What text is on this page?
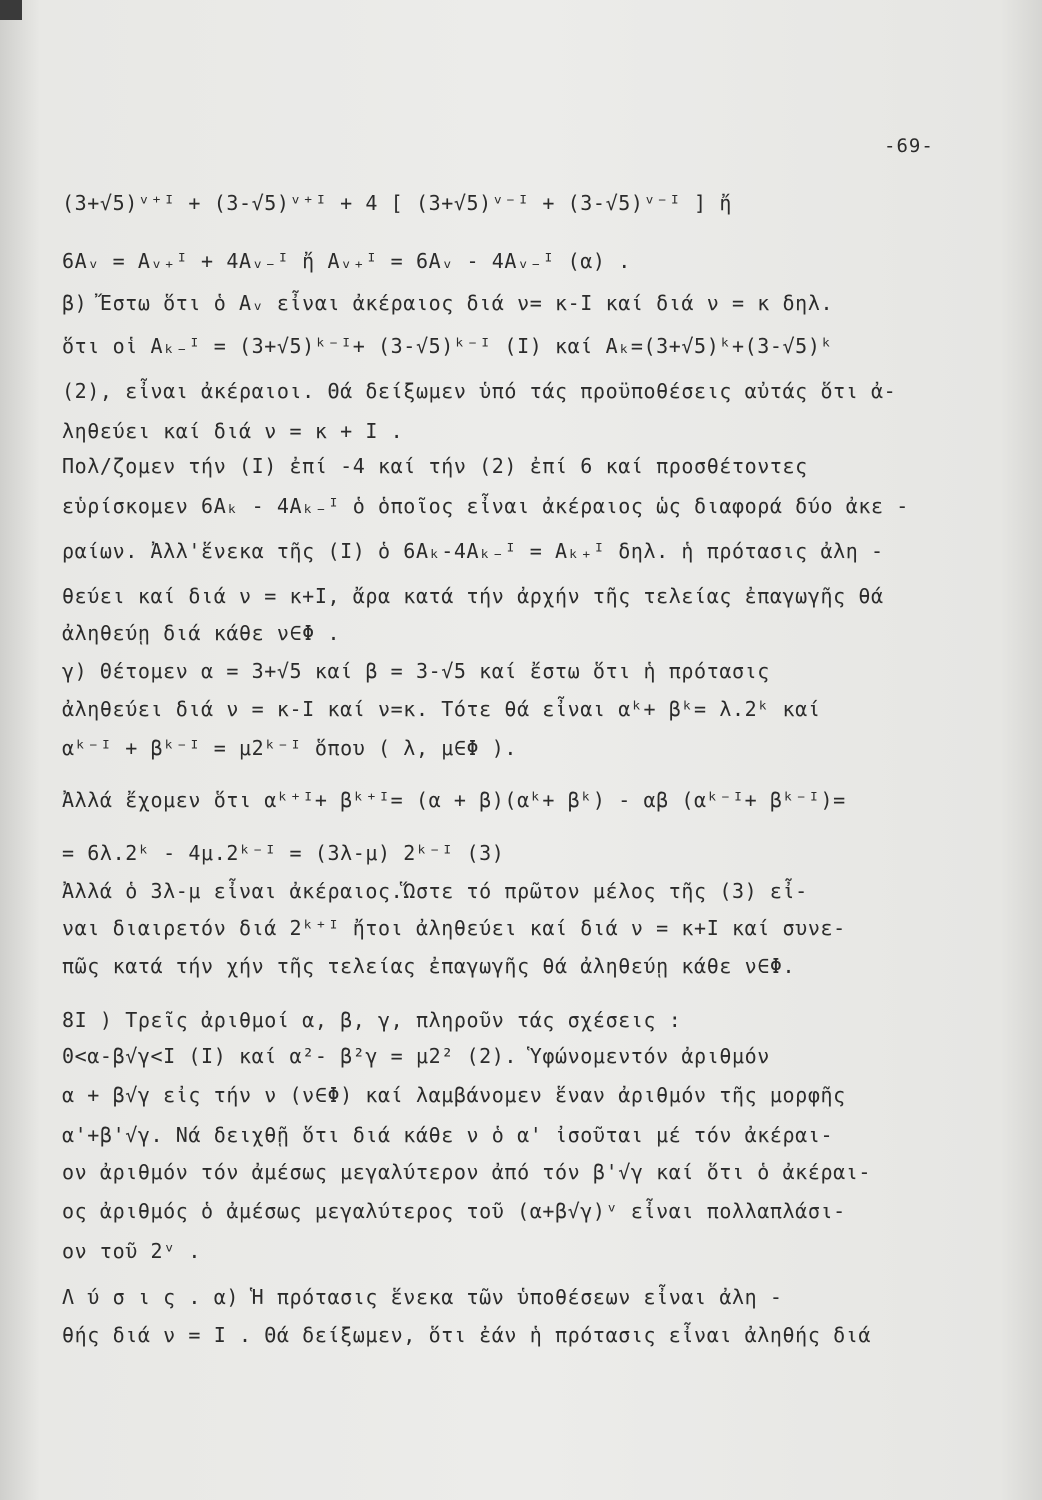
-69-
(3+√5)ᵛ⁺ᴵ + (3-√5)ᵛ⁺ᴵ + 4 [ (3+√5)ᵛ⁻ᴵ + (3-√5)ᵛ⁻ᴵ ] ἤ
6Aᵥ = Aᵥ₊ᴵ + 4Aᵥ₋ᴵ ἤ Aᵥ₊ᴵ = 6Aᵥ - 4Aᵥ₋ᴵ (α) .
β) Ἔστω ὅτι ὁ Aᵥ εἶναι ἀκέραιος διά ν= κ-Ι καί διά ν = κ δηλ.
ὅτι οἱ Aₖ₋ᴵ = (3+√5)ᵏ⁻ᴵ+ (3-√5)ᵏ⁻ᴵ (Ι) καί Aₖ=(3+√5)ᵏ+(3-√5)ᵏ
(2), εἶναι ἀκέραιοι. Θά δείξωμεν ὑπό τάς προϋποθέσεις αὐτάς ὅτι ἀ-
ληθεύει καί διά ν = κ + Ι .
Πολ/ζομεν τήν (Ι) ἐπί -4 καί τήν (2) ἐπί 6 καί προσθέτοντες
εὑρίσκομεν 6Aₖ - 4Aₖ₋ᴵ ὁ ὁποῖος εἶναι ἀκέραιος ὡς διαφορά δύο ἀκε -
ραίων. Ἀλλ'ἕνεκα τῆς (Ι) ὁ 6Aₖ-4Aₖ₋ᴵ = Aₖ₊ᴵ δηλ. ἡ πρότασις ἀλη -
θεύει καί διά ν = κ+Ι, ἄρα κατά τήν ἀρχήν τῆς τελείας ἐπαγωγῆς θά
ἀληθεύῃ διά κάθε ν∈Φ .
γ) Θέτομεν α = 3+√5 καί β = 3-√5 καί ἔστω ὅτι ἡ πρότασις
ἀληθεύει διά ν = κ-Ι καί ν=κ. Τότε θά εἶναι αᵏ+ βᵏ= λ.2ᵏ καί
αᵏ⁻ᴵ + βᵏ⁻ᴵ = μ2ᵏ⁻ᴵ ὅπου ( λ, μ∈Φ ).
Ἀλλά ἔχομεν ὅτι αᵏ⁺ᴵ+ βᵏ⁺ᴵ= (α + β)(αᵏ+ βᵏ) - αβ (αᵏ⁻ᴵ+ βᵏ⁻ᴵ)=
= 6λ.2ᵏ - 4μ.2ᵏ⁻ᴵ = (3λ-μ) 2ᵏ⁻ᴵ (3)
Ἀλλά ὁ 3λ-μ εἶναι ἀκέραιος.Ὥστε τό πρῶτον μέλος τῆς (3) εἶ-
ναι διαιρετόν διά 2ᵏ⁺ᴵ ἤτοι ἀληθεύει καί διά ν = κ+Ι καί συνε-
πῶς κατά τήν χήν τῆς τελείας ἐπαγωγῆς θά ἀληθεύῃ κάθε ν∈Φ.
8Ι ) Τρεῖς ἀριθμοί α, β, γ, πληροῦν τάς σχέσεις :
0<α-β√γ<Ι (Ι) καί α²- β²γ = μ2² (2). Ὑφώνομεντόν ἀριθμόν
α + β√γ εἰς τήν ν (ν∈Φ) καί λαμβάνομεν ἕναν ἀριθμόν τῆς μορφῆς
α'+β'√γ. Νά δειχθῇ ὅτι διά κάθε ν ὁ α' ἰσοῦται μέ τόν ἀκέραι-
ον ἀριθμόν τόν ἀμέσως μεγαλύτερον ἀπό τόν β'√γ καί ὅτι ὁ ἀκέραι-
ος ἀριθμός ὁ ἀμέσως μεγαλύτερος τοῦ (α+β√γ)ᵛ εἶναι πολλαπλάσι-
ον τοῦ 2ᵛ .
Λ ύ σ ι ς . α) Ἡ πρότασις ἕνεκα τῶν ὑποθέσεων εἶναι ἀλη -
θής διά ν = Ι . Θά δείξωμεν, ὅτι ἐάν ἡ πρότασις εἶναι ἀληθής διά
